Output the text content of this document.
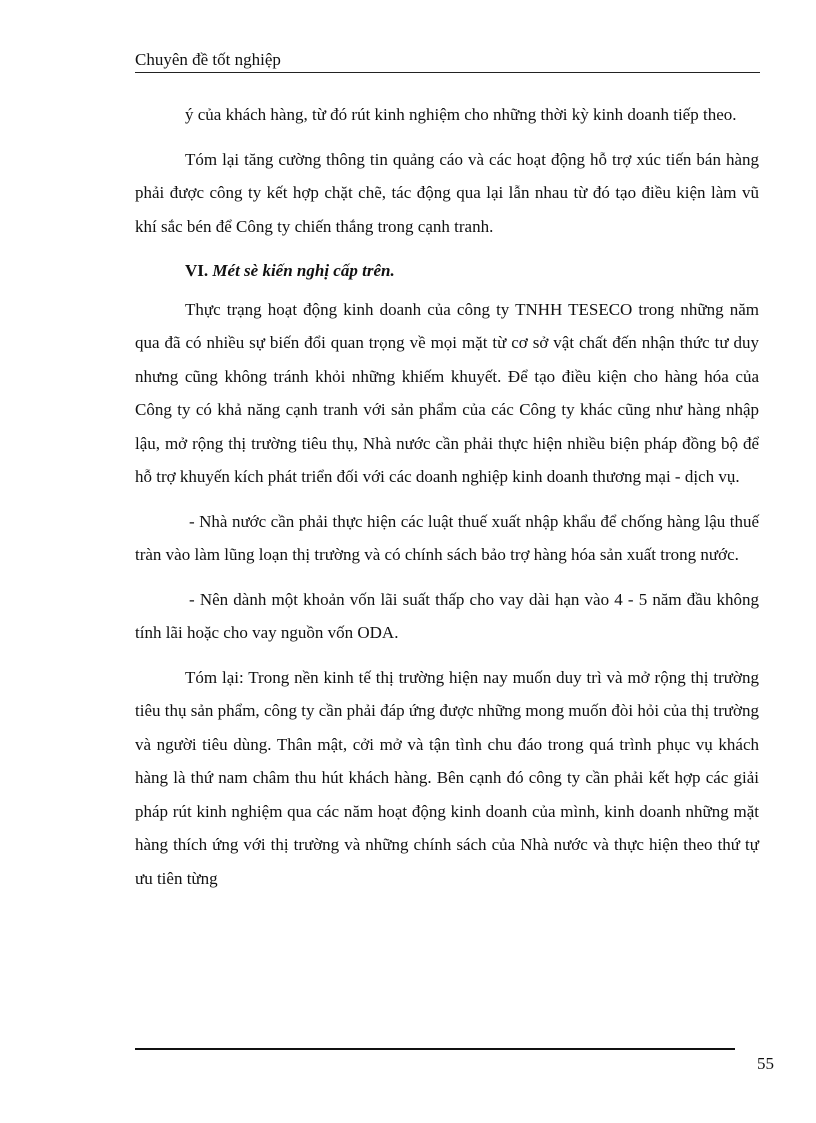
Chuyên đề tốt nghiệp

ý của khách hàng, từ đó rút kinh nghiệm cho những thời kỳ kinh doanh tiếp theo.

Tóm lại tăng cường thông tin quảng cáo và các hoạt động hỗ trợ xúc tiến bán hàng phải được công ty kết hợp chặt chẽ, tác động qua lại lẫn nhau từ đó tạo điều kiện làm vũ khí sắc bén để Công ty chiến thắng trong cạnh tranh.

VI. Mét sè kiến nghị cấp trên.

Thực trạng hoạt động kinh doanh của công ty TNHH TESECO trong những năm qua đã có nhiều sự biến đổi quan trọng về mọi mặt từ cơ sở vật chất đến nhận thức tư duy nhưng cũng không tránh khỏi những khiếm khuyết. Để tạo điều kiện cho hàng hóa của Công ty có khả năng cạnh tranh với sản phẩm của các Công ty khác cũng như hàng nhập lậu, mở rộng thị trường tiêu thụ, Nhà nước cần phải thực hiện nhiều biện pháp đồng bộ để hỗ trợ khuyến kích phát triển đối với các doanh nghiệp kinh doanh thương mại - dịch vụ.

- Nhà nước cần phải thực hiện các luật thuế xuất nhập khẩu để chống hàng lậu thuế tràn vào làm lũng loạn thị trường và có chính sách bảo trợ hàng hóa sản xuất trong nước.

- Nên dành một khoản vốn lãi suất thấp cho vay dài hạn vào 4 - 5 năm đầu không tính lãi hoặc cho vay nguồn vốn ODA.

Tóm lại: Trong nền kinh tế thị trường hiện nay muốn duy trì và mở rộng thị trường tiêu thụ sản phẩm, công ty cần phải đáp ứng được những mong muốn đòi hỏi của thị trường và người tiêu dùng. Thân mật, cởi mở và tận tình chu đáo trong quá trình phục vụ khách hàng là thứ nam châm thu hút khách hàng. Bên cạnh đó công ty cần phải kết hợp các giải pháp rút kinh nghiệm qua các năm hoạt động kinh doanh của mình, kinh doanh những mặt hàng thích ứng với thị trường và những chính sách của Nhà nước và thực hiện theo thứ tự ưu tiên từng

55
